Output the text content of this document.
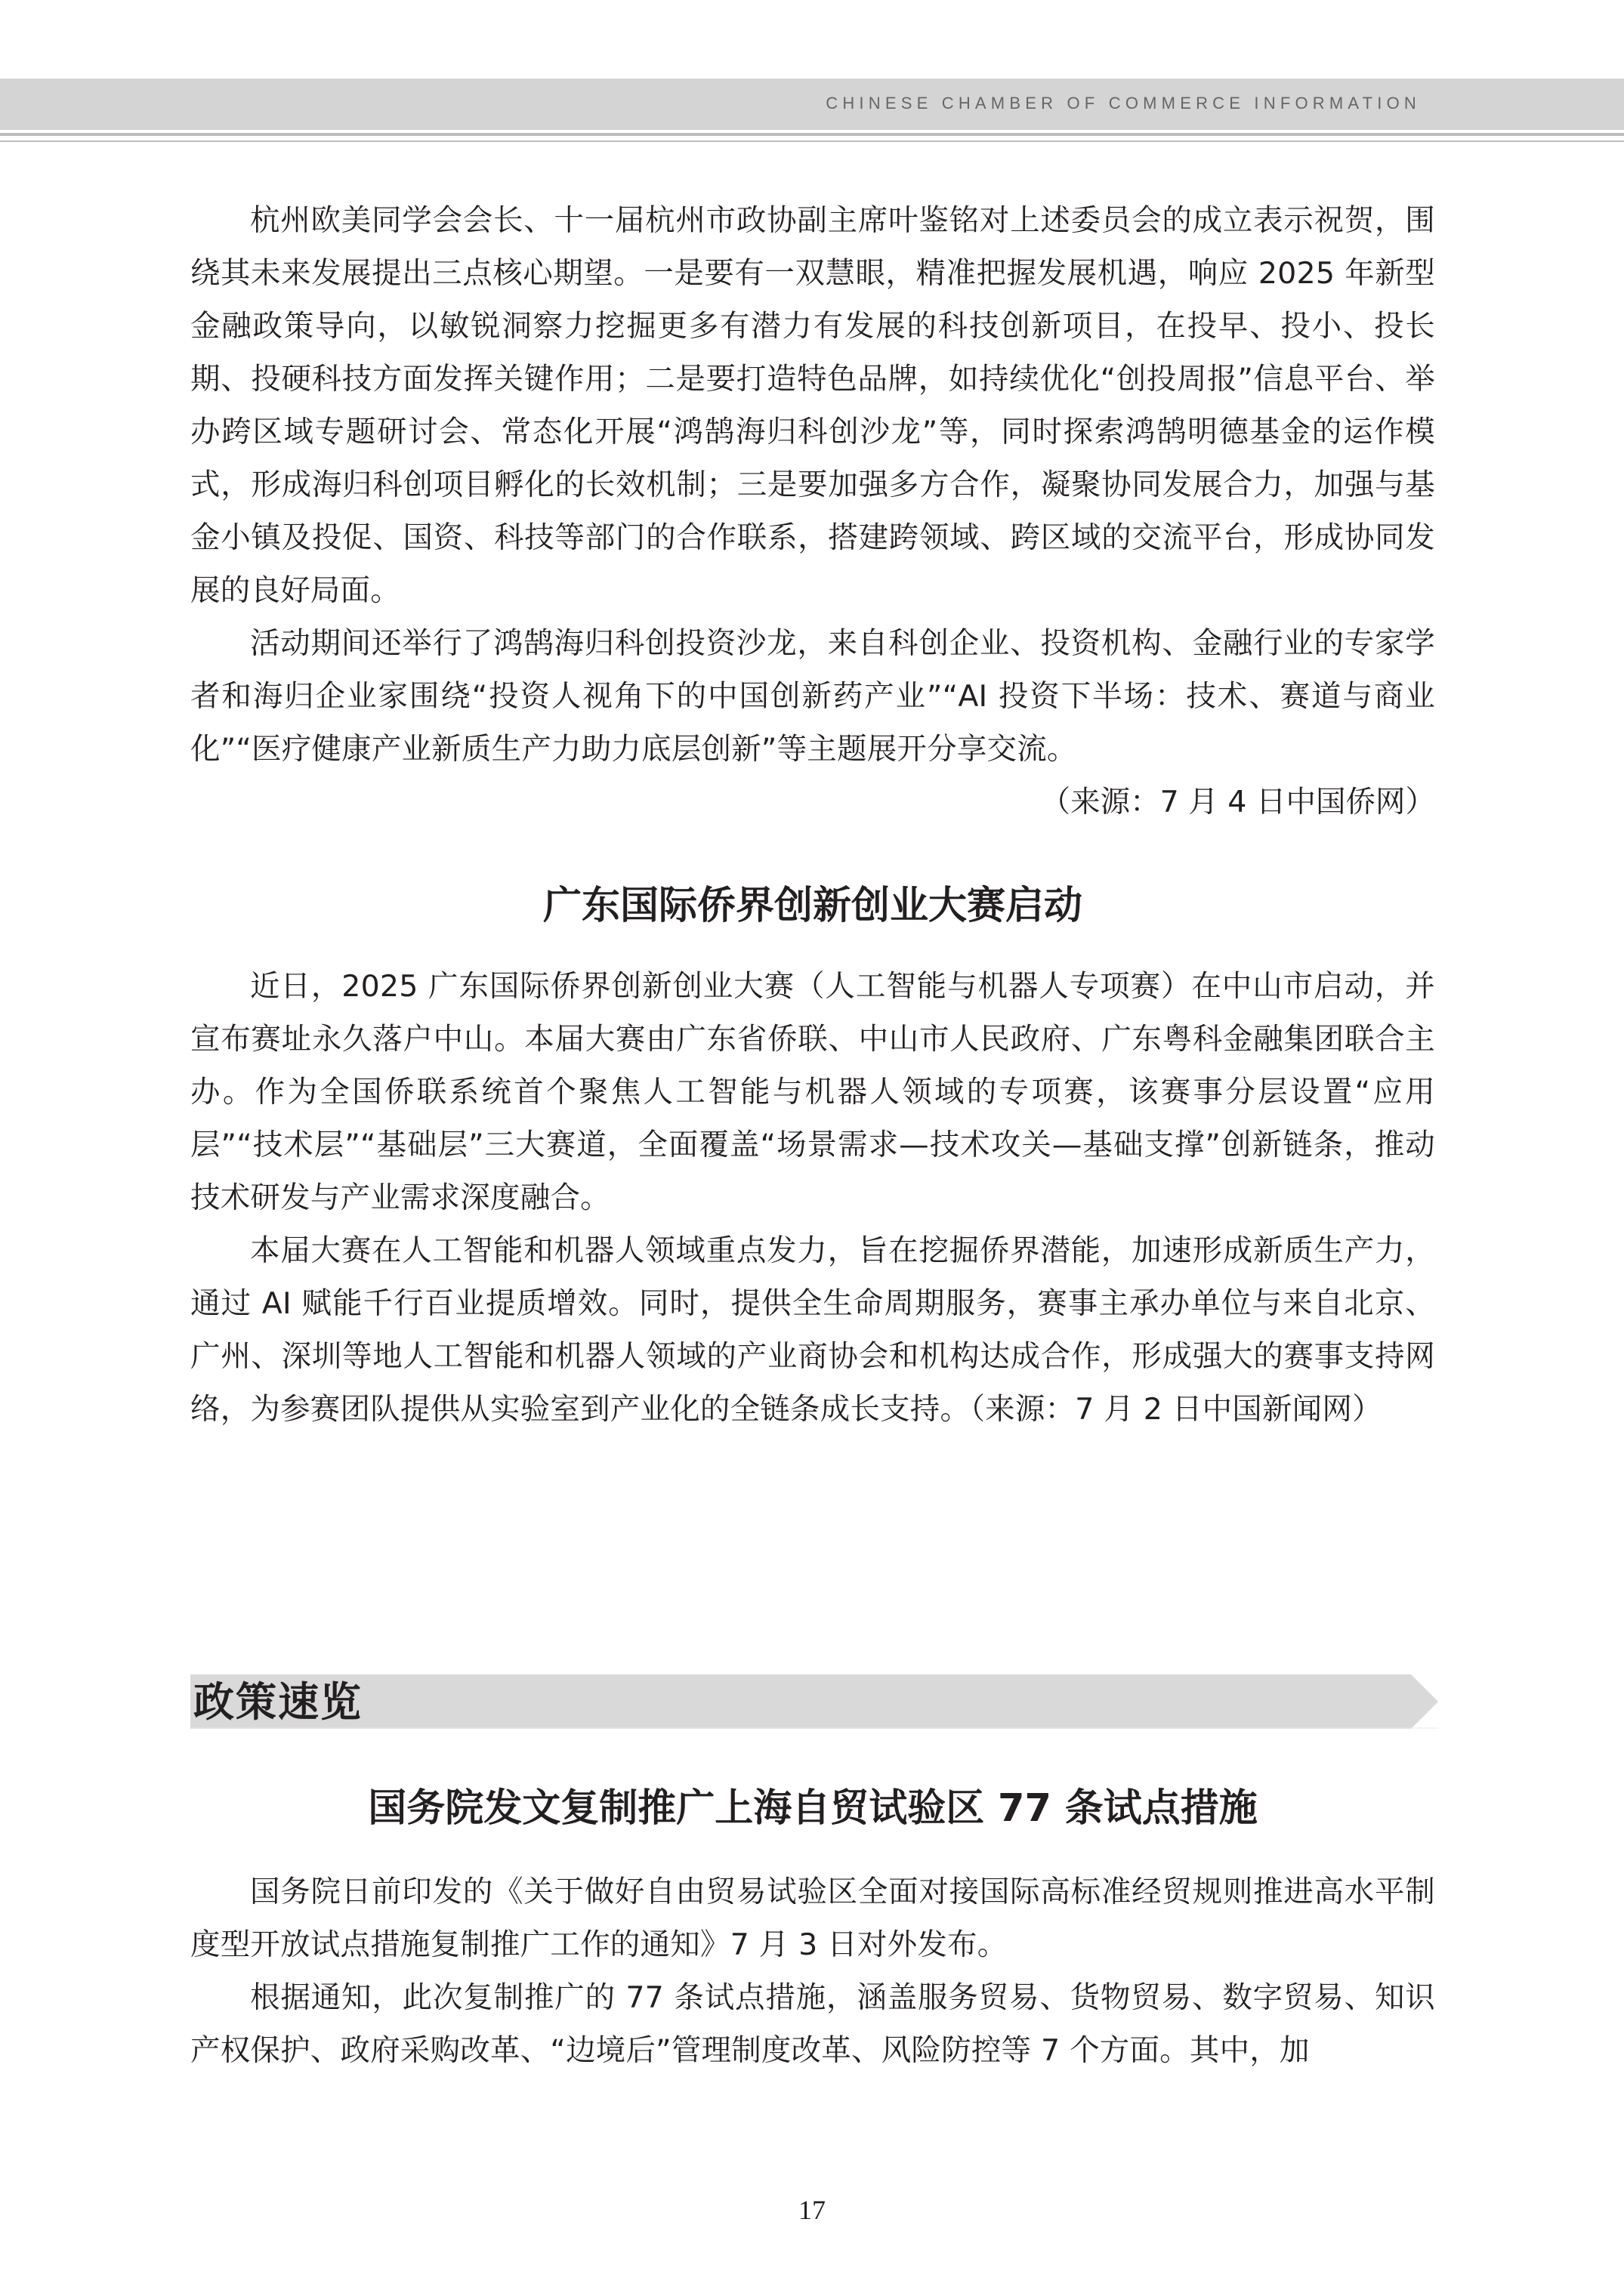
CHINESE CHAMBER OF COMMERCE INFORMATION

杭州欧美同学会会长、十一届杭州市政协副主席叶鉴铭对上述委员会的成立表示祝贺，围绕其未来发展提出三点核心期望。一是要有一双慧眼，精准把握发展机遇，响应 2025 年新型金融政策导向，以敏锐洞察力挖掘更多有潜力有发展的科技创新项目，在投早、投小、投长期、投硬科技方面发挥关键作用；二是要打造特色品牌，如持续优化“创投周报”信息平台、举办跨区域专题研讨会、常态化开展“鸿鹄海归科创沙龙”等，同时探索鸿鹄明德基金的运作模式，形成海归科创项目孵化的长效机制；三是要加强多方合作，凝聚协同发展合力，加强与基金小镇及投促、国资、科技等部门的合作联系，搭建跨领域、跨区域的交流平台，形成协同发展的良好局面。

活动期间还举行了鸿鹄海归科创投资沙龙，来自科创企业、投资机构、金融行业的专家学者和海归企业家围绕“投资人视角下的中国创新药产业”“AI 投资下半场：技术、赛道与商业化”“医疗健康产业新质生产力助力底层创新”等主题展开分享交流。

（来源：7 月 4 日中国侨网）

广东国际侨界创新创业大赛启动

近日，2025 广东国际侨界创新创业大赛（人工智能与机器人专项赛）在中山市启动，并宣布赛址永久落户中山。本届大赛由广东省侨联、中山市人民政府、广东粤科金融集团联合主办。作为全国侨联系统首个聚焦人工智能与机器人领域的专项赛，该赛事分层设置“应用层”“技术层”“基础层”三大赛道，全面覆盖“场景需求—技术攻关—基础支撑”创新链条，推动技术研发与产业需求深度融合。

本届大赛在人工智能和机器人领域重点发力，旨在挖掘侨界潜能，加速形成新质生产力，通过 AI 赋能千行百业提质增效。同时，提供全生命周期服务，赛事主承办单位与来自北京、广州、深圳等地人工智能和机器人领域的产业商协会和机构达成合作，形成强大的赛事支持网络，为参赛团队提供从实验室到产业化的全链条成长支持。（来源：7 月 2 日中国新闻网）

政策速览
国务院发文复制推广上海自贸试验区 77 条试点措施

国务院日前印发的《关于做好自由贸易试验区全面对接国际高标准经贸规则推进高水平制度型开放试点措施复制推广工作的通知》7 月 3 日对外发布。

根据通知，此次复制推广的 77 条试点措施，涵盖服务贸易、货物贸易、数字贸易、知识产权保护、政府采购改革、“边境后”管理制度改革、风险防控等 7 个方面。其中，加

17
